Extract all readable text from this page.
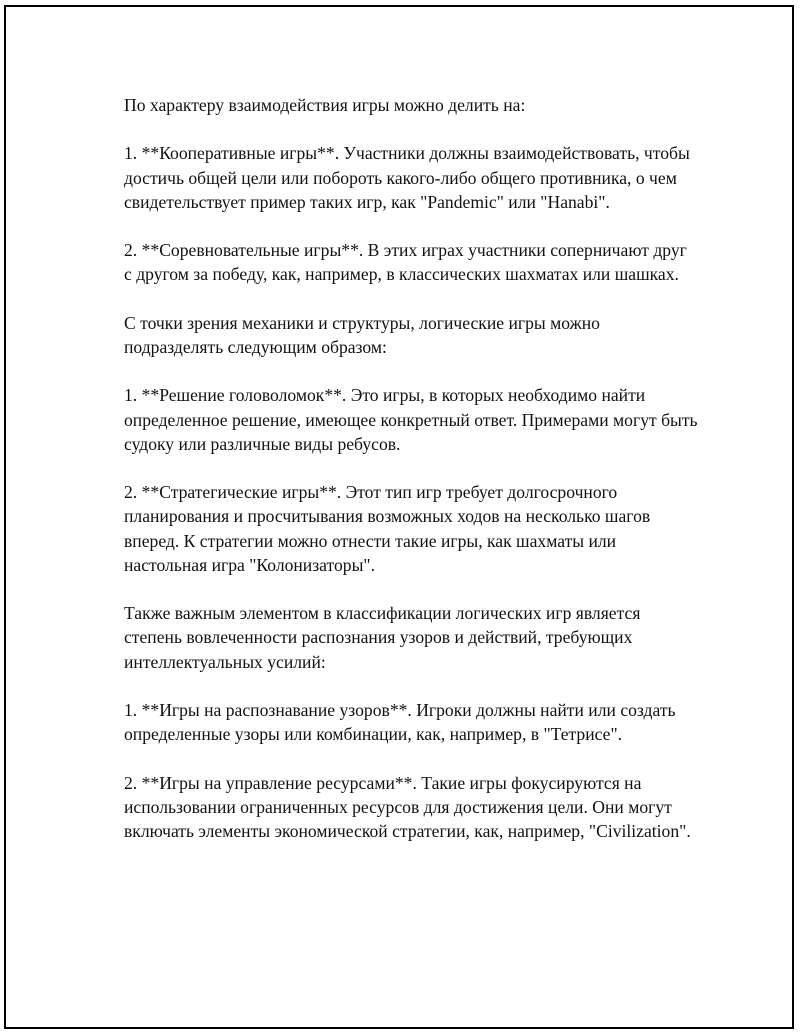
По характеру взаимодействия игры можно делить на:

1. **Кооперативные игры**. Участники должны взаимодействовать, чтобы достичь общей цели или побороть какого-либо общего противника, о чем свидетельствует пример таких игр, как "Pandemic" или "Hanabi".

2. **Соревновательные игры**. В этих играх участники соперничают друг с другом за победу, как, например, в классических шахматах или шашках.

С точки зрения механики и структуры, логические игры можно подразделять следующим образом:

1. **Решение головоломок**. Это игры, в которых необходимо найти определенное решение, имеющее конкретный ответ. Примерами могут быть судоку или различные виды ребусов.

2. **Стратегические игры**. Этот тип игр требует долгосрочного планирования и просчитывания возможных ходов на несколько шагов вперед. К стратегии можно отнести такие игры, как шахматы или настольная игра "Колонизаторы".

Также важным элементом в классификации логических игр является степень вовлеченности распознания узоров и действий, требующих интеллектуальных усилий:

1. **Игры на распознавание узоров**. Игроки должны найти или создать определенные узоры или комбинации, как, например, в "Тетрисе".

2. **Игры на управление ресурсами**. Такие игры фокусируются на использовании ограниченных ресурсов для достижения цели. Они могут включать элементы экономической стратегии, как, например, "Civilization".
